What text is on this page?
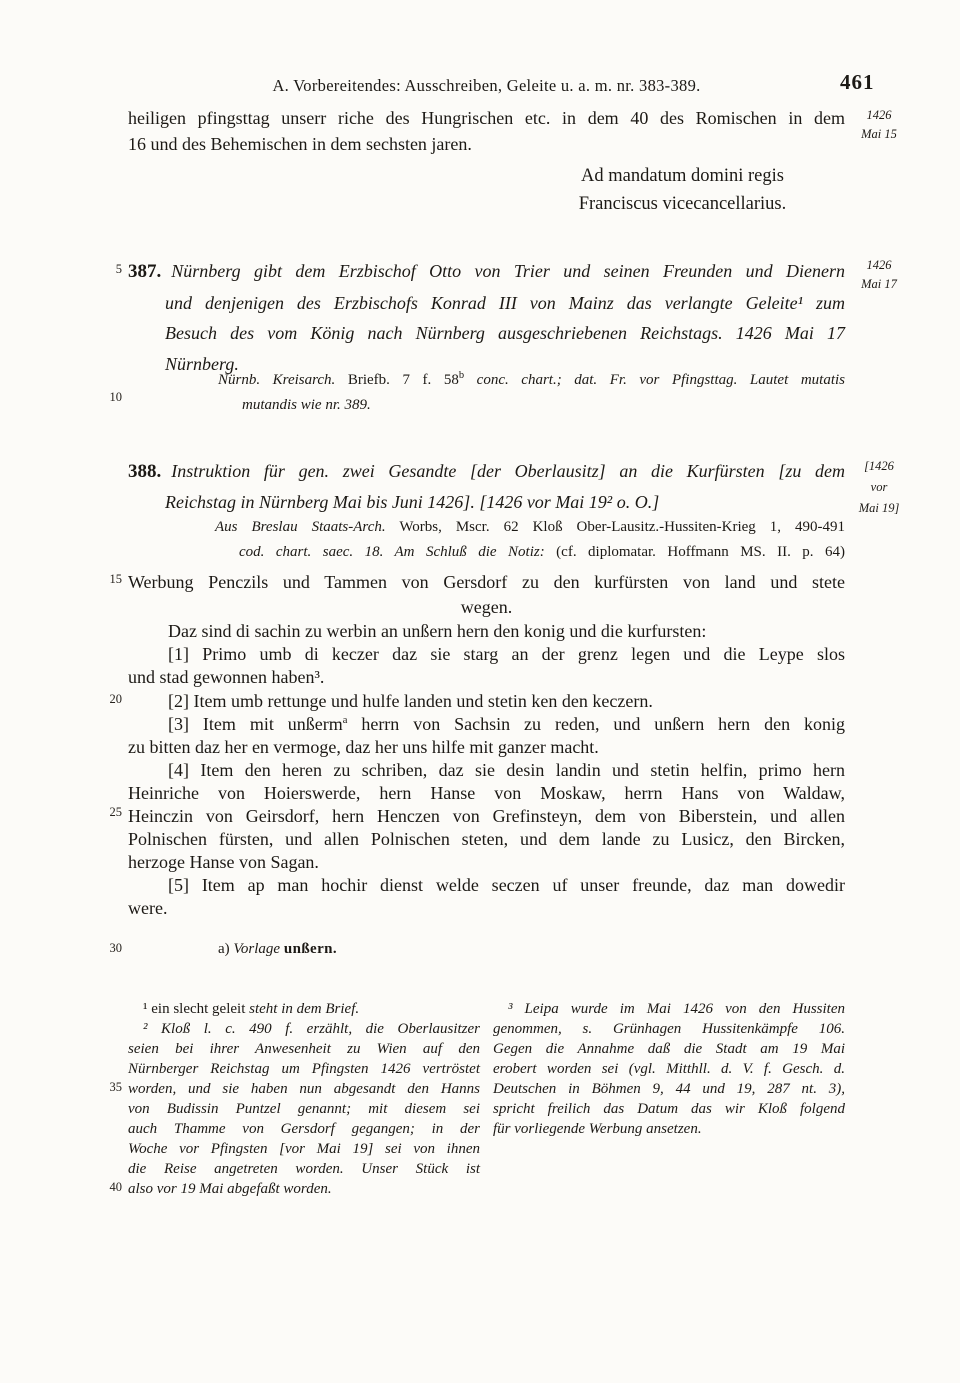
A. Vorbereitendes: Ausschreiben, Geleite u. a. m. nr. 383-389.	461
5
10
15
20
25
30
35
40
1426
Mai 15
1426
Mai 17
[1426
vor
Mai 19]
heiligen pfingsttag unserr riche des Hungrischen etc. in dem 40 des Romischen in dem
16 und des Behemischen in dem sechsten jaren.
Ad mandatum domini regis
Franciscus vicecancellarius.
387. Nürnberg gibt dem Erzbischof Otto von Trier und seinen Freunden und Dienern
und denjenigen des Erzbischofs Konrad III von Mainz das verlangte Geleite¹ zum
Besuch des vom König nach Nürnberg ausgeschriebenen Reichstags. 1426 Mai 17
Nürnberg.
Nürnb. Kreisarch. Briefb. 7 f. 58$^b$ conc. chart.; dat. Fr. vor Pfingsttag. Lautet mutatis
mutandis wie nr. 389.
388. Instruktion für gen. zwei Gesandte [der Oberlausitz] an die Kurfürsten [zu dem
Reichstag in Nürnberg Mai bis Juni 1426]. [1426 vor Mai 19² o. O.]
Aus Breslau Staats-Arch. Worbs, Mscr. 62 Kloß Ober-Lausitz.-Hussiten-Krieg 1, 490-491
cod. chart. saec. 18. Am Schluß die Notiz: (cf. diplomatar. Hoffmann MS. II. p. 64)
Werbung Penczils und Tammen von Gersdorf zu den kurfürsten von land und stete
wegen.
Daz sind di sachin zu werbin an unßern hern den konig und die kurfursten:
[1] Primo umb di keczer daz sie starg an der grenz legen und die Leype slos
und stad gewonnen haben³.
[2] Item umb rettunge und hulfe landen und stetin ken den keczern.
[3] Item mit unßerm$^a$ herrn von Sachsin zu reden, und unßern hern den konig
zu bitten daz her en vermoge, daz her uns hilfe mit ganzer macht.
[4] Item den heren zu schriben, daz sie desin landin und stetin helfin, primo hern
Heinriche von Hoierswerde, hern Hanse von Moskaw, herrn Hans von Waldaw,
Heinczin von Geirsdorf, hern Henczen von Grefinsteyn, dem von Biberstein, und allen
Polnischen fürsten, und allen Polnischen steten, und dem lande zu Lusicz, den Bircken,
herzoge Hanse von Sagan.
[5] Item ap man hochir dienst welde seczen uf unser freunde, daz man dowedir
were.
a) Vorlage unßern.
¹ ein slecht geleit steht in dem Brief.
² Kloß l. c. 490 f. erzählt, die Oberlausitzer
seien bei ihrer Anwesenheit zu Wien auf den
Nürnberger Reichstag um Pfingsten 1426 vertröstet
worden, und sie haben nun abgesandt den Hanns
von Budissin Puntzel genannt; mit diesem sei
auch Thamme von Gersdorf gegangen; in der
Woche vor Pfingsten [vor Mai 19] sei von ihnen
die Reise angetreten worden. Unser Stück ist
also vor 19 Mai abgefaßt worden.
³ Leipa wurde im Mai 1426 von den Hussiten
genommen, s. Grünhagen Hussitenkämpfe 106.
Gegen die Annahme daß die Stadt am 19 Mai
erobert worden sei (vgl. Mitthll. d. V. f. Gesch. d.
Deutschen in Böhmen 9, 44 und 19, 287 nt. 3),
spricht freilich das Datum das wir Kloß folgend
für vorliegende Werbung ansetzen.
